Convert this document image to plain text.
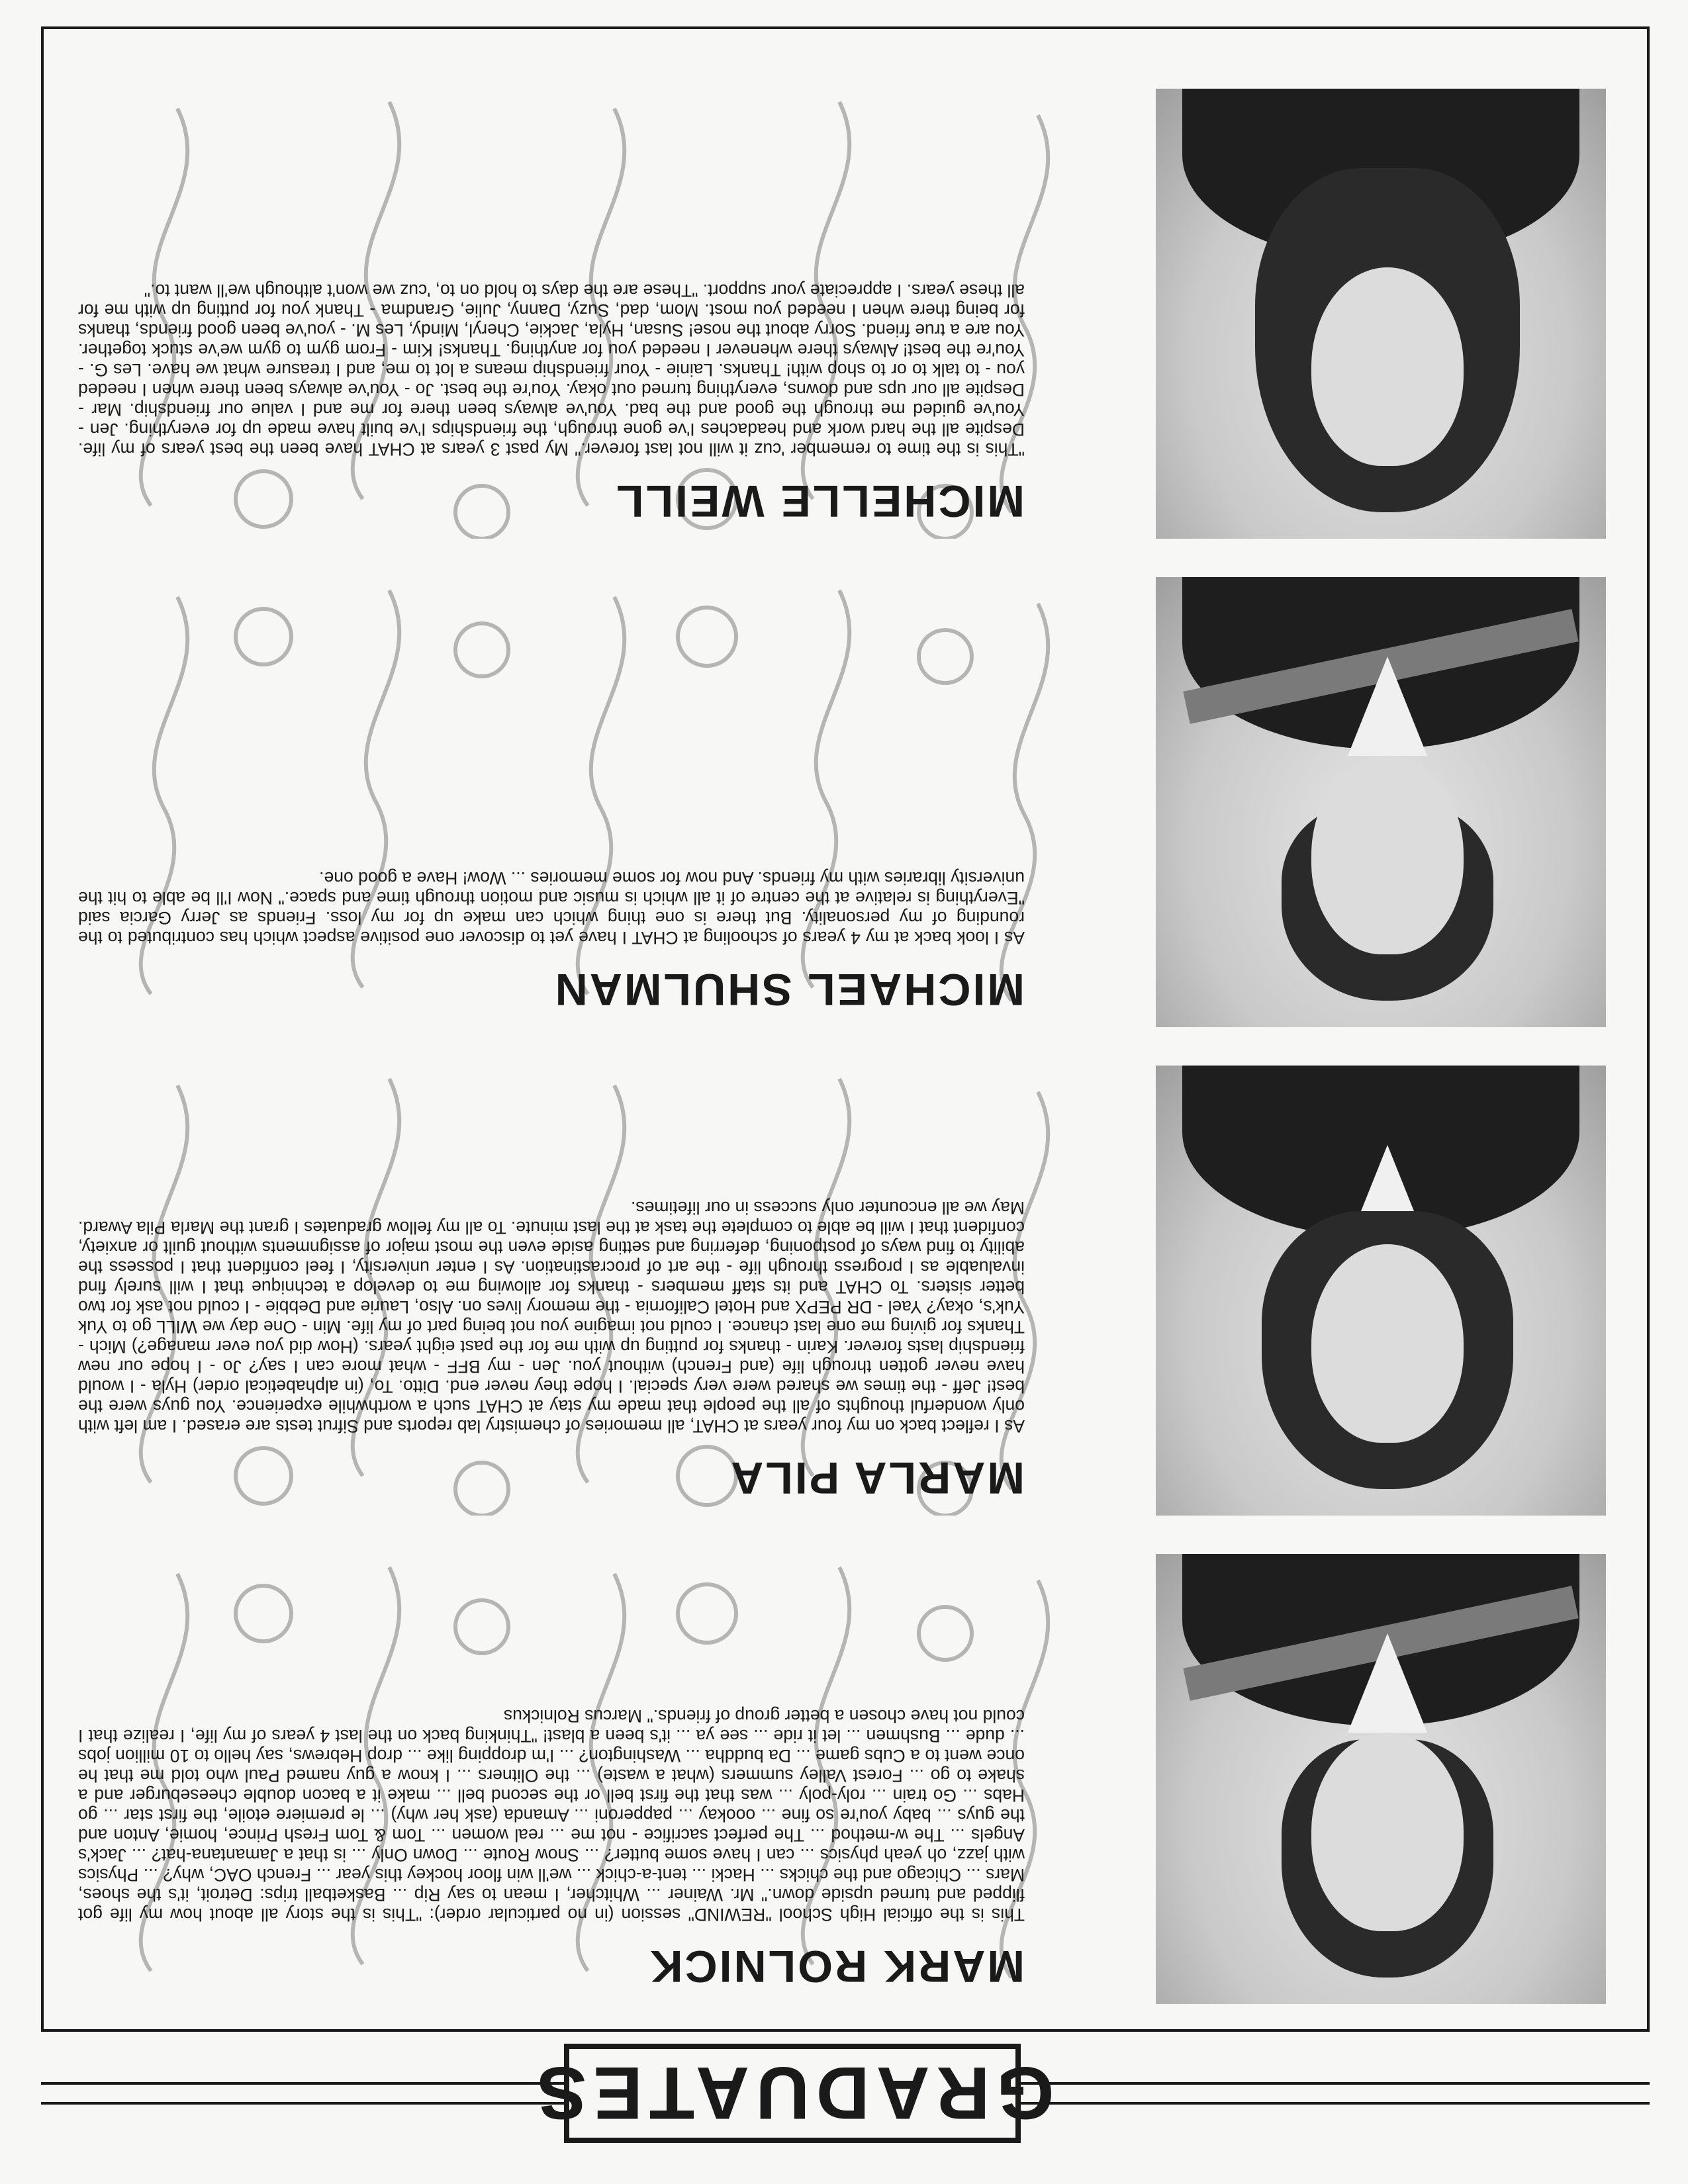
GRADUATES
MARK ROLNICK

This is the official High School "REWIND" session (in no particular order): "This is the story all about how my life got flipped and turned upside down." Mr. Wainer ... Whitcher, I mean to say Rip ... Basketball trips: Detroit, it's the shoes, Mars ... Chicago and the chicks ... Hacki ... tent-a-chick ... we'll win floor hockey this year ... French OAC, why? ... Physics with jazz, oh yeah physics ... can I have some butter? ... Snow Route ... Down Only ... is that a Jamantana-hat? ... Jack's Angels ... The w-method ... The perfect sacrifice - not me ... real women ... Tom & Tom Fresh Prince, homie, Anton and the guys ... baby you're so fine ... oookay ... papperoni ... Amanda (ask her why) ... le premiere etoile, the first star ... go Habs ... Go train ... roly-poly ... was that the first bell or the second bell ... make it a bacon double cheeseburger and a shake to go ... Forest Valley summers (what a waste) ... the Olitners ... I know a guy named Paul who told me that he once went to a Cubs game ... Da buddha ... Washington? ... I'm dropping like ... drop Hebrews, say hello to 10 million jobs ... dude ... Bushmen ... let it ride ... see ya ... it's been a blast! "Thinking back on the last 4 years of my life, I realize that I could not have chosen a better group of friends." Marcus Rolnickus

MARLA PILA

As I reflect back on my four years at CHAT, all memories of chemistry lab reports and Sifrut tests are erased. I am left with only wonderful thoughts of all the people that made my stay at CHAT such a worthwhile experience. You guys were the best! Jeff - the times we shared were very special. I hope they never end. Ditto. To, (in alphabetical order) Hyla - I would have never gotten through life (and French) without you. Jen - my BFF - what more can I say? Jo - I hope our new friendship lasts forever. Karin - thanks for putting up with me for the past eight years. (How did you ever manage?) Mich - Thanks for giving me one last chance. I could not imagine you not being part of my life. Min - One day we WILL go to Yuk Yuk's, okay? Yael - DR PEPX and Hotel California - the memory lives on. Also, Laurie and Debbie - I could not ask for two better sisters. To CHAT and its staff members - thanks for allowing me to develop a technique that I will surely find invaluable as I progress through life - the art of procrastination. As I enter university, I feel confident that I possess the ability to find ways of postponing, deferring and setting aside even the most major of assignments without guilt or anxiety, confident that I will be able to complete the task at the last minute. To all my fellow graduates I grant the Marla Pila Award. May we all encounter only success in our lifetimes.

MICHAEL SHULMAN

As I look back at my 4 years of schooling at CHAT I have yet to discover one positive aspect which has contributed to the rounding of my personality. But there is one thing which can make up for my loss. Friends as Jerry Garcia said "Everything is relative at the centre of it all which is music and motion through time and space." Now I'll be able to hit the university libraries with my friends. And now for some memories ... Wow! Have a good one.

MICHELLE WEILL

"This is the time to remember 'cuz it will not last forever." My past 3 years at CHAT have been the best years of my life. Despite all the hard work and headaches I've gone through, the friendships I've built have made up for everything. Jen - You've guided me through the good and the bad. You've always been there for me and I value our friendship. Mar - Despite all our ups and downs, everything turned out okay. You're the best. Jo - You've always been there when I needed you - to talk to or to shop with! Thanks. Lainie - Your friendship means a lot to me, and I treasure what we have. Les G. - You're the best! Always there whenever I needed you for anything. Thanks! Kim - From gym to gym we've stuck together. You are a true friend. Sorry about the nose! Susan, Hyla, Jackie, Cheryl, Mindy, Les M. - you've been good friends, thanks for being there when I needed you most. Mom, dad, Suzy, Danny, Julie, Grandma - Thank you for putting up with me for all these years. I appreciate your support. "These are the days to hold on to, 'cuz we won't although we'll want to."
